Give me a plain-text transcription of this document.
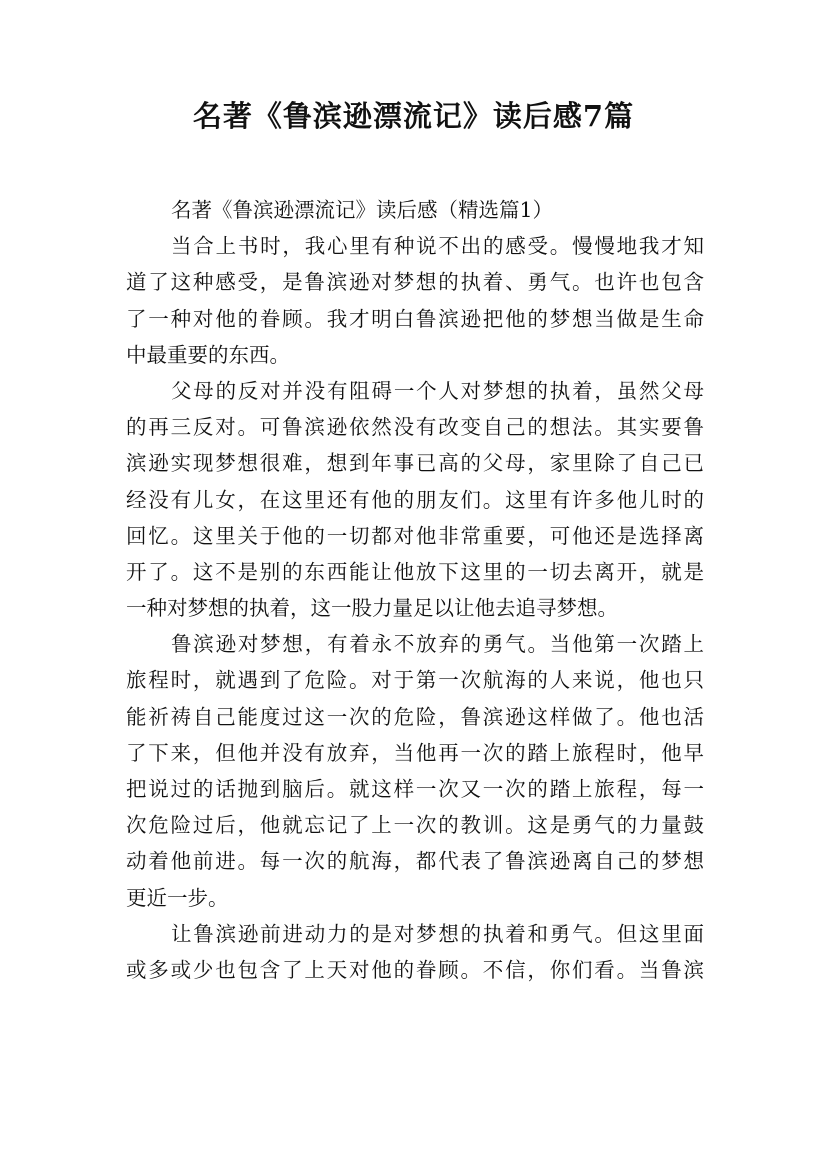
名著《鲁滨逊漂流记》读后感7篇
名著《鲁滨逊漂流记》读后感（精选篇1）
当合上书时，我心里有种说不出的感受。慢慢地我才知
道了这种感受，是鲁滨逊对梦想的执着、勇气。也许也包含
了一种对他的眷顾。我才明白鲁滨逊把他的梦想当做是生命
中最重要的东西。
父母的反对并没有阻碍一个人对梦想的执着，虽然父母
的再三反对。可鲁滨逊依然没有改变自己的想法。其实要鲁
滨逊实现梦想很难，想到年事已高的父母，家里除了自己已
经没有儿女，在这里还有他的朋友们。这里有许多他儿时的
回忆。这里关于他的一切都对他非常重要，可他还是选择离
开了。这不是别的东西能让他放下这里的一切去离开，就是
一种对梦想的执着，这一股力量足以让他去追寻梦想。
鲁滨逊对梦想，有着永不放弃的勇气。当他第一次踏上
旅程时，就遇到了危险。对于第一次航海的人来说，他也只
能祈祷自己能度过这一次的危险，鲁滨逊这样做了。他也活
了下来，但他并没有放弃，当他再一次的踏上旅程时，他早
把说过的话抛到脑后。就这样一次又一次的踏上旅程，每一
次危险过后，他就忘记了上一次的教训。这是勇气的力量鼓
动着他前进。每一次的航海，都代表了鲁滨逊离自己的梦想
更近一步。
让鲁滨逊前进动力的是对梦想的执着和勇气。但这里面
或多或少也包含了上天对他的眷顾。不信，你们看。当鲁滨
